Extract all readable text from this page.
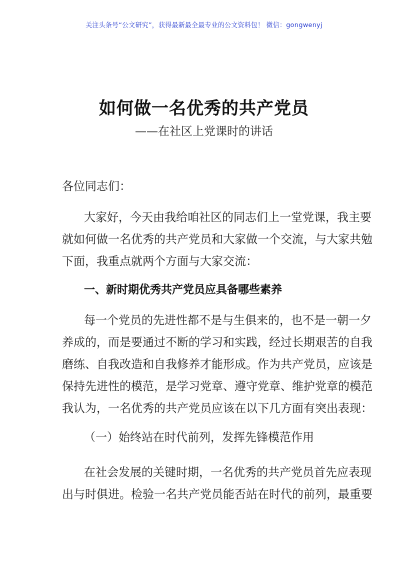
关注头条号“公文研究”，获得最新最全最专业的公文资料包！ 微信：gongwenyj
如何做一名优秀的共产党员
——在社区上党课时的讲话
各位同志们：
大家好，今天由我给咱社区的同志们上一堂党课，我主要
就如何做一名优秀的共产党员和大家做一个交流，与大家共勉
下面，我重点就两个方面与大家交流：
一、新时期优秀共产党员应具备哪些素养
每一个党员的先进性都不是与生俱来的，也不是一朝一夕
养成的，而是要通过不断的学习和实践，经过长期艰苦的自我
磨练、自我改造和自我修养才能形成。作为共产党员，应该是
保持先进性的模范，是学习党章、遵守党章、维护党章的模范
我认为，一名优秀的共产党员应该在以下几方面有突出表现：
（一）始终站在时代前列，发挥先锋模范作用
在社会发展的关键时期，一名优秀的共产党员首先应表现
出与时俱进。检验一名共产党员能否站在时代的前列，最重要
